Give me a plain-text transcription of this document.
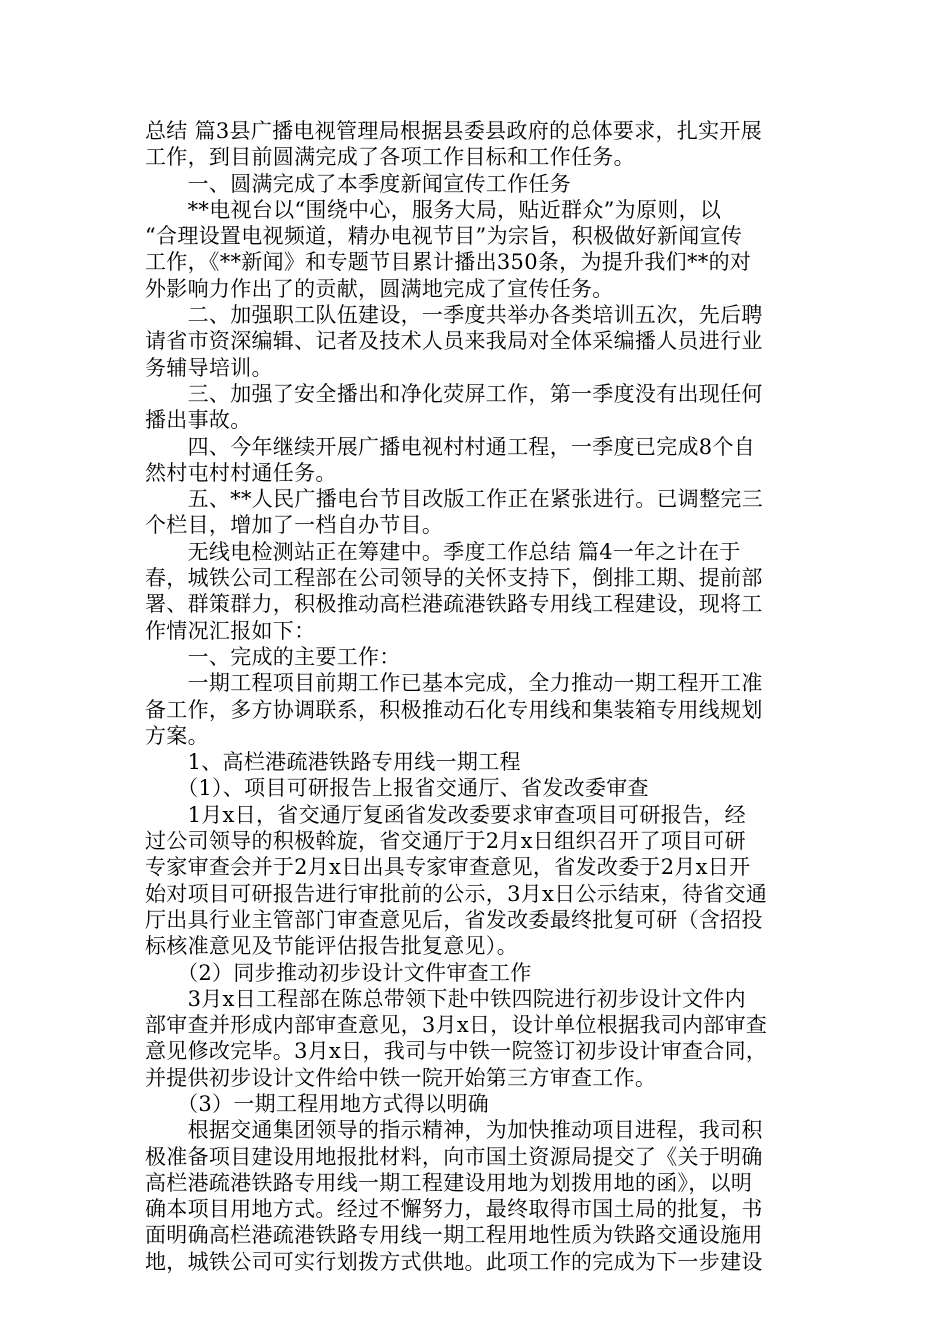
总结 篇3县广播电视管理局根据县委县政府的总体要求，扎实开展
工作，到目前圆满完成了各项工作目标和工作任务。
　　一、圆满完成了本季度新闻宣传工作任务
　　**电视台以“围绕中心，服务大局，贴近群众”为原则，以
“合理设置电视频道，精办电视节目”为宗旨，积极做好新闻宣传
工作，《**新闻》和专题节目累计播出350条，为提升我们**的对
外影响力作出了的贡献，圆满地完成了宣传任务。
　　二、加强职工队伍建设，一季度共举办各类培训五次，先后聘
请省市资深编辑、记者及技术人员来我局对全体采编播人员进行业
务辅导培训。
　　三、加强了安全播出和净化荧屏工作，第一季度没有出现任何
播出事故。
　　四、今年继续开展广播电视村村通工程，一季度已完成8个自
然村屯村村通任务。
　　五、**人民广播电台节目改版工作正在紧张进行。已调整完三
个栏目，增加了一档自办节目。
　　无线电检测站正在筹建中。季度工作总结 篇4一年之计在于
春，城铁公司工程部在公司领导的关怀支持下，倒排工期、提前部
署、群策群力，积极推动高栏港疏港铁路专用线工程建设，现将工
作情况汇报如下：
　　一、完成的主要工作：
　　一期工程项目前期工作已基本完成，全力推动一期工程开工准
备工作，多方协调联系，积极推动石化专用线和集装箱专用线规划
方案。
　　1、高栏港疏港铁路专用线一期工程
　　（1）、项目可研报告上报省交通厅、省发改委审查
　　1月x日，省交通厅复函省发改委要求审查项目可研报告，经
过公司领导的积极斡旋，省交通厅于2月x日组织召开了项目可研
专家审查会并于2月x日出具专家审查意见，省发改委于2月x日开
始对项目可研报告进行审批前的公示，3月x日公示结束，待省交通
厅出具行业主管部门审查意见后，省发改委最终批复可研（含招投
标核准意见及节能评估报告批复意见）。
　　（2）同步推动初步设计文件审查工作
　　3月x日工程部在陈总带领下赴中铁四院进行初步设计文件内
部审查并形成内部审查意见，3月x日，设计单位根据我司内部审查
意见修改完毕。3月x日，我司与中铁一院签订初步设计审查合同，
并提供初步设计文件给中铁一院开始第三方审查工作。
　　（3）一期工程用地方式得以明确
　　根据交通集团领导的指示精神，为加快推动项目进程，我司积
极准备项目建设用地报批材料，向市国土资源局提交了《关于明确
高栏港疏港铁路专用线一期工程建设用地为划拨用地的函》，以明
确本项目用地方式。经过不懈努力，最终取得市国土局的批复，书
面明确高栏港疏港铁路专用线一期工程用地性质为铁路交通设施用
地，城铁公司可实行划拨方式供地。此项工作的完成为下一步建设
